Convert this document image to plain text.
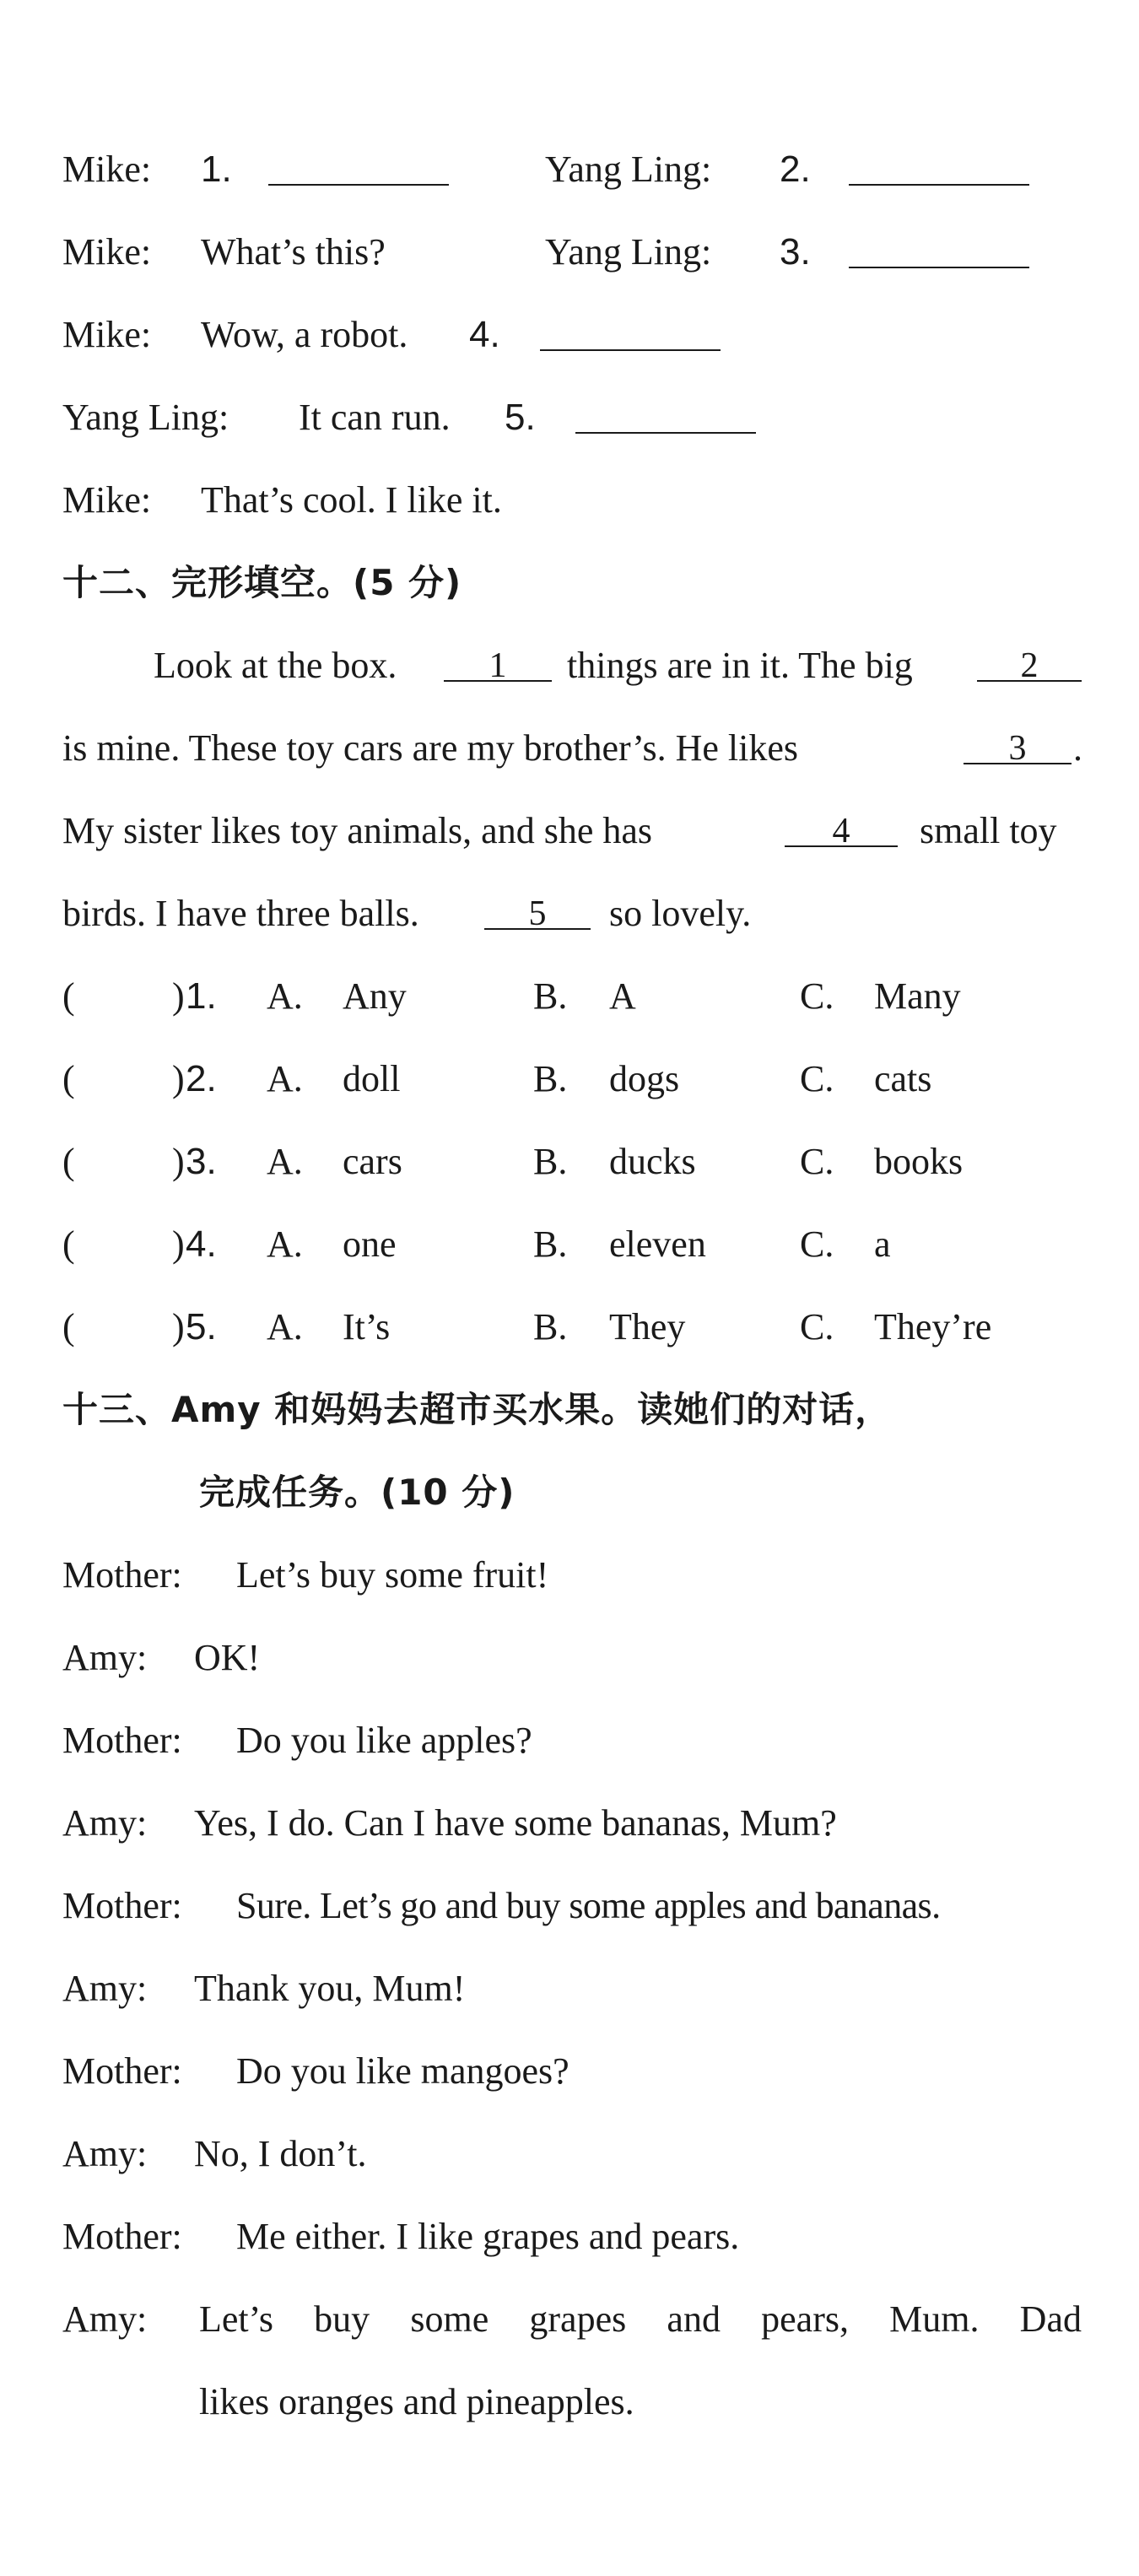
Mike: 1.	Yang Ling: 2.
Mike: What’s this?	Yang Ling: 3.
Mike: Wow, a robot. 4.
Yang Ling: It can run. 5.
Mike: That’s cool. I like it.
十二、完形填空。(5 分)
Look at the box.	1	things are in it. The big	2
is mine. These toy cars are my brother’s. He likes	3	.
My sister likes toy animals, and she has	4	small toy
birds. I have three balls.	5	so lovely.
(	) 1. A. Any	B. A	C. Many
(	) 2. A. doll	B. dogs	C. cats
(	) 3. A. cars	B. ducks	C. books
(	) 4. A. one	B. eleven	C. a
(	) 5. A. It’s	B. They	C. They’re
十三、Amy 和妈妈去超市买水果。读她们的对话，
完成任务。(10 分)
Mother: Let’s buy some fruit!
Amy: OK!
Mother: Do you like apples?
Amy: Yes, I do. Can I have some bananas, Mum?
Mother: Sure. Let’s go and buy some apples and bananas.
Amy: Thank you, Mum!
Mother: Do you like mangoes?
Amy: No, I don’t.
Mother: Me either. I like grapes and pears.
Amy: Let’s buy some grapes and pears, Mum. Dad
likes oranges and pineapples.
